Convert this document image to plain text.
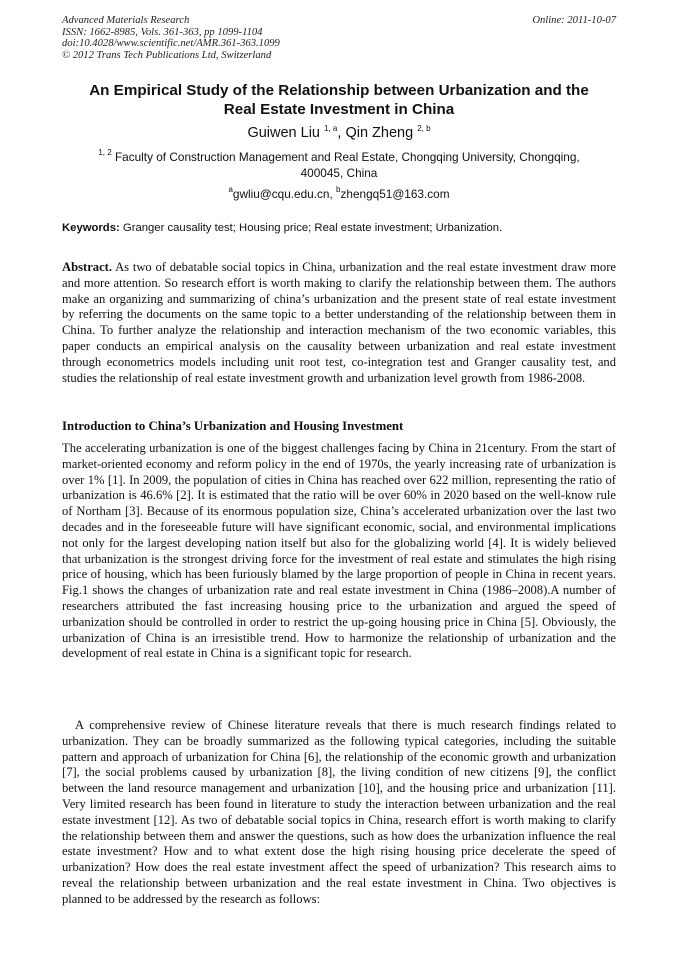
Advanced Materials Research
ISSN: 1662-8985, Vols. 361-363, pp 1099-1104
doi:10.4028/www.scientific.net/AMR.361-363.1099
© 2012 Trans Tech Publications Ltd, Switzerland
Online: 2011-10-07
An Empirical Study of the Relationship between Urbanization and the
Real Estate Investment in China
Guiwen Liu $^{1, a}$, Qin Zheng $^{2, b}$
$^{1, 2}$ Faculty of Construction Management and Real Estate, Chongqing University, Chongqing,
400045, China
$^a$gwliu@cqu.edu.cn, $^b$zhengq51@163.com
Keywords: Granger causality test; Housing price; Real estate investment; Urbanization.
Abstract. As two of debatable social topics in China, urbanization and the real estate investment draw more and more attention. So research effort is worth making to clarify the relationship between them. The authors make an organizing and summarizing of china’s urbanization and the present state of real estate investment by referring the documents on the same topic to a better understanding of the relationship between them in China. To further analyze the relationship and interaction mechanism of the two economic variables, this paper conducts an empirical analysis on the causality between urbanization and real estate investment through econometrics models including unit root test, co-integration test and Granger causality test, and studies the relationship of real estate investment growth and urbanization level growth from 1986-2008.
Introduction to China’s Urbanization and Housing Investment
The accelerating urbanization is one of the biggest challenges facing by China in 21century. From the start of market-oriented economy and reform policy in the end of 1970s, the yearly increasing rate of urbanization is over 1% [1]. In 2009, the population of cities in China has reached over 622 million, representing the ratio of urbanization is 46.6% [2]. It is estimated that the ratio will be over 60% in 2020 based on the well-know rule of Northam [3]. Because of its enormous population size, China’s accelerated urbanization over the last two decades and in the foreseeable future will have significant economic, social, and environmental implications not only for the largest developing nation itself but also for the globalizing world [4]. It is widely believed that urbanization is the strongest driving force for the investment of real estate and stimulates the high rising price of housing, which has been furiously blamed by the large proportion of people in China in recent years. Fig.1 shows the changes of urbanization rate and real estate investment in China (1986–2008).A number of researchers attributed the fast increasing housing price to the urbanization and argued the speed of urbanization should be controlled in order to restrict the up-going housing price in China [5]. Obviously, the urbanization of China is an irresistible trend. How to harmonize the relationship of urbanization and the development of real estate in China is a significant topic for research.
A comprehensive review of Chinese literature reveals that there is much research findings related to urbanization. They can be broadly summarized as the following typical categories, including the suitable pattern and approach of urbanization for China [6], the relationship of the economic growth and urbanization [7], the social problems caused by urbanization [8], the living condition of new citizens [9], the conflict between the land resource management and urbanization [10], and the housing price and urbanization [11]. Very limited research has been found in literature to study the interaction between urbanization and the real estate investment [12]. As two of debatable social topics in China, research effort is worth making to clarify the relationship between them and answer the questions, such as how does the urbanization influence the real estate investment? How and to what extent dose the high rising housing price decelerate the speed of urbanization? How does the real estate investment affect the speed of urbanization? This research aims to reveal the relationship between urbanization and the real estate investment in China. Two objectives is planned to be addressed by the research as follows:
